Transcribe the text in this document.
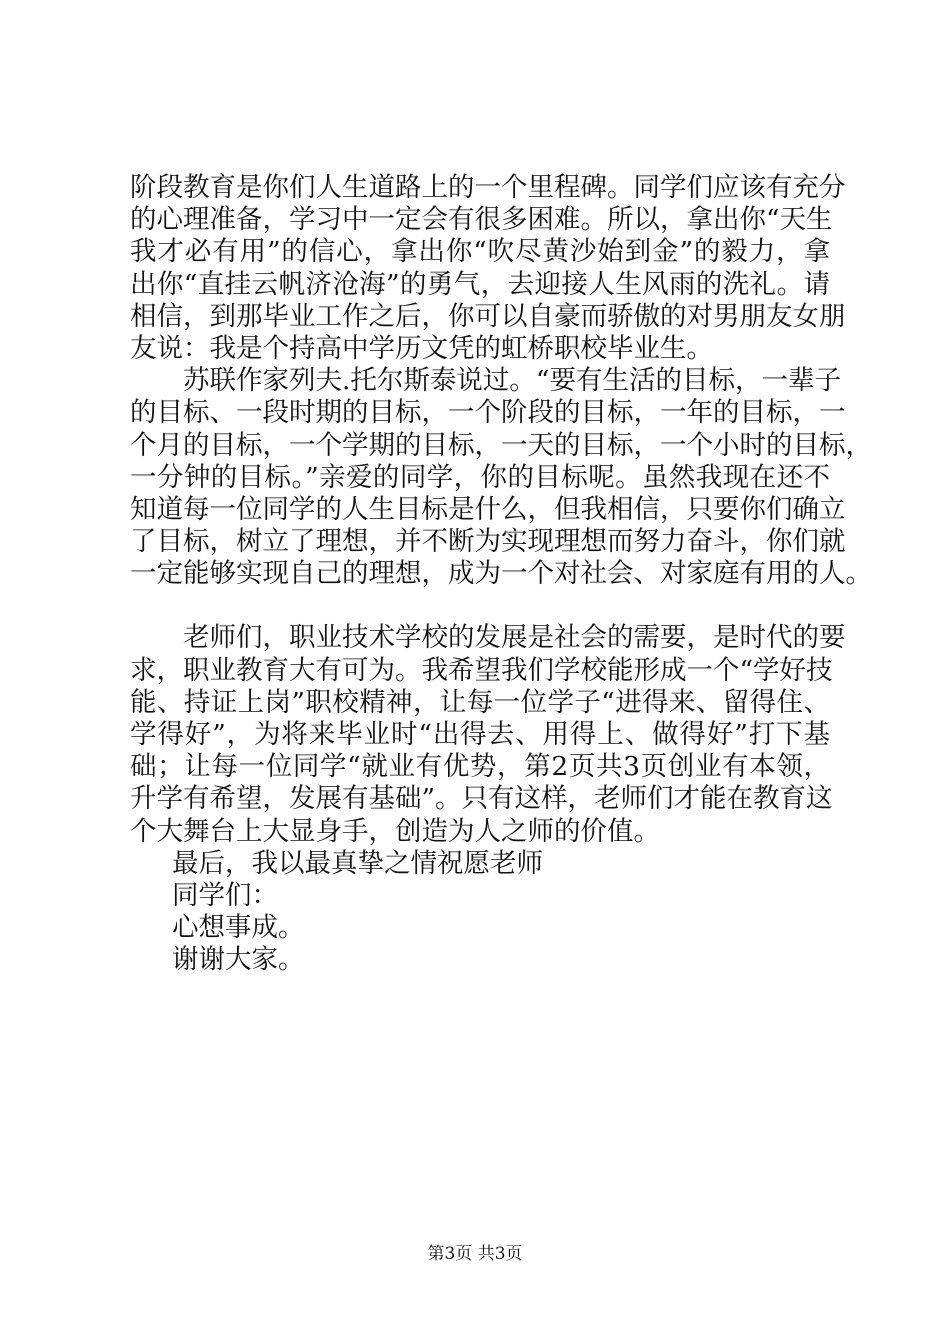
阶段教育是你们人生道路上的一个里程碑。同学们应该有充分
的心理准备，学习中一定会有很多困难。所以，拿出你“天生
我才必有用”的信心，拿出你“吹尽黄沙始到金”的毅力，拿
出你“直挂云帆济沧海”的勇气，去迎接人生风雨的洗礼。请
相信，到那毕业工作之后，你可以自豪而骄傲的对男朋友女朋
友说：我是个持高中学历文凭的虹桥职校毕业生。
苏联作家列夫.托尔斯泰说过。“要有生活的目标，一辈子
的目标、一段时期的目标，一个阶段的目标，一年的目标，一
个月的目标，一个学期的目标，一天的目标，一个小时的目标，
一分钟的目标。”亲爱的同学，你的目标呢。虽然我现在还不
知道每一位同学的人生目标是什么，但我相信，只要你们确立
了目标，树立了理想，并不断为实现理想而努力奋斗，你们就
一定能够实现自己的理想，成为一个对社会、对家庭有用的人。
老师们，职业技术学校的发展是社会的需要，是时代的要
求，职业教育大有可为。我希望我们学校能形成一个“学好技
能、持证上岗”职校精神，让每一位学子“进得来、留得住、
学得好”，为将来毕业时“出得去、用得上、做得好”打下基
础；让每一位同学“就业有优势，第2页共3页创业有本领，
升学有希望，发展有基础”。只有这样，老师们才能在教育这
个大舞台上大显身手，创造为人之师的价值。
最后，我以最真挚之情祝愿老师
同学们：
心想事成。
谢谢大家。
第3页 共3页
